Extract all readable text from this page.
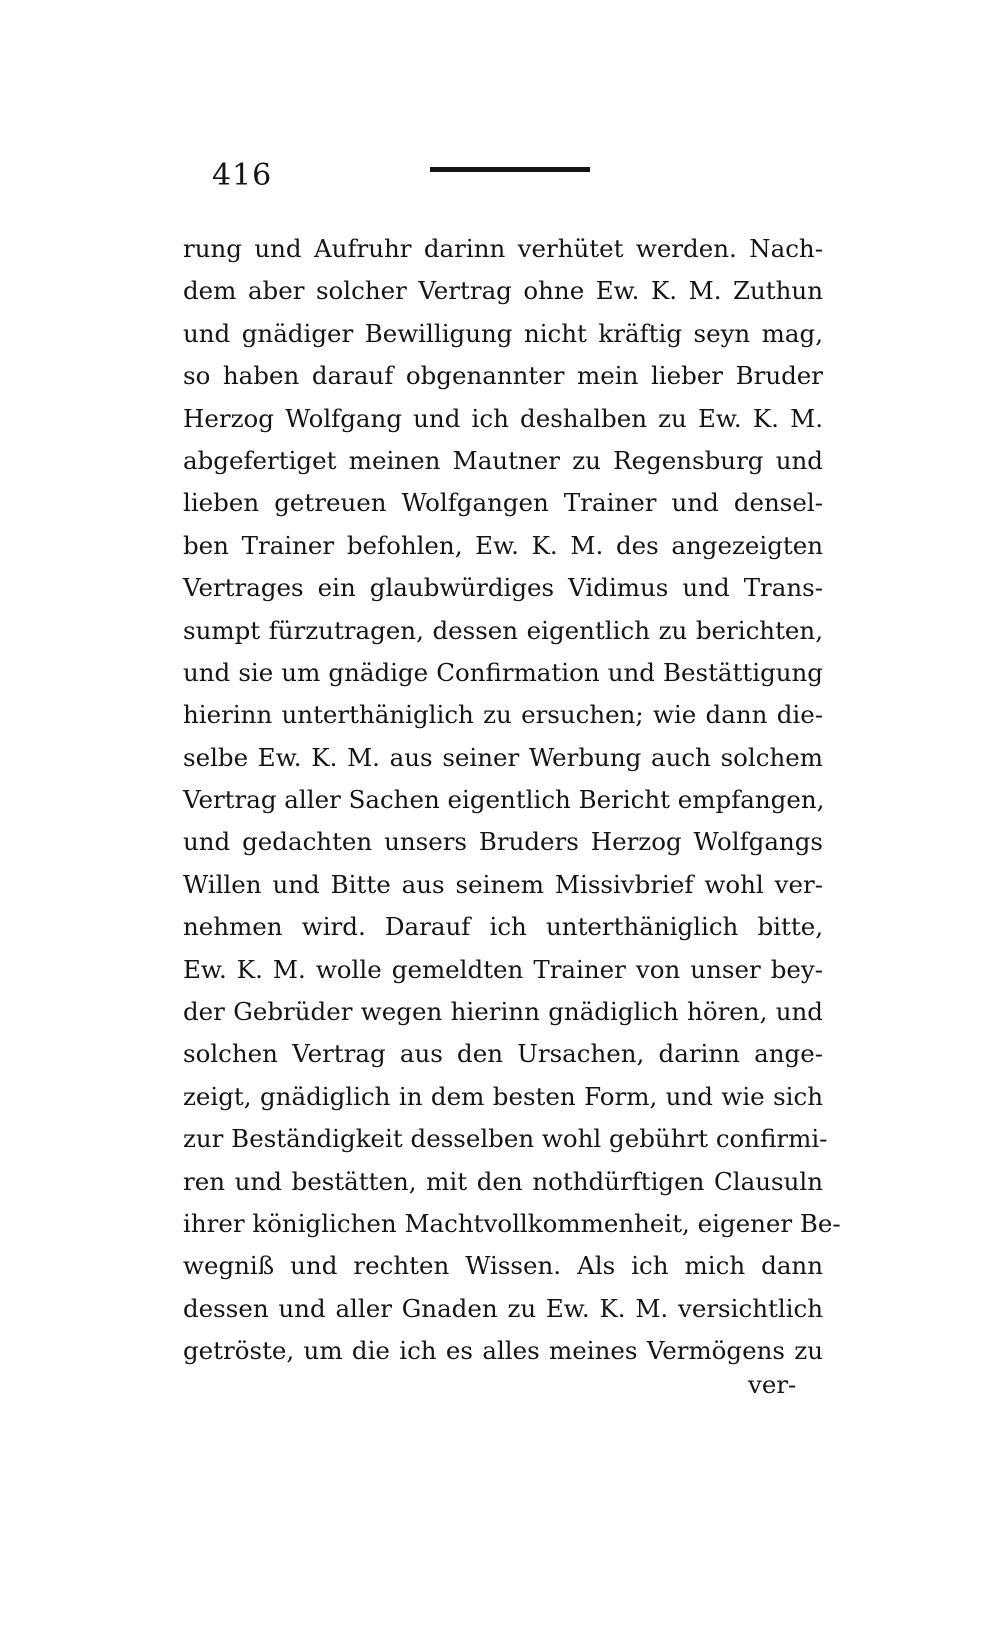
416
rung und Aufruhr darinn verhütet werden. Nach-
dem aber solcher Vertrag ohne Ew. K. M. Zuthun
und gnädiger Bewilligung nicht kräftig seyn mag,
so haben darauf obgenannter mein lieber Bruder
Herzog Wolfgang und ich deshalben zu Ew. K. M.
abgefertiget meinen Mautner zu Regensburg und
lieben getreuen Wolfgangen Trainer und densel-
ben Trainer befohlen, Ew. K. M. des angezeigten
Vertrages ein glaubwürdiges Vidimus und Trans-
sumpt fürzutragen, dessen eigentlich zu berichten,
und sie um gnädige Confirmation und Bestättigung
hierinn unterthäniglich zu ersuchen; wie dann die-
selbe Ew. K. M. aus seiner Werbung auch solchem
Vertrag aller Sachen eigentlich Bericht empfangen,
und gedachten unsers Bruders Herzog Wolfgangs
Willen und Bitte aus seinem Missivbrief wohl ver-
nehmen wird. Darauf ich unterthäniglich bitte,
Ew. K. M. wolle gemeldten Trainer von unser bey-
der Gebrüder wegen hierinn gnädiglich hören, und
solchen Vertrag aus den Ursachen, darinn ange-
zeigt, gnädiglich in dem besten Form, und wie sich
zur Beständigkeit desselben wohl gebührt confirmi-
ren und bestätten, mit den nothdürftigen Clausuln
ihrer königlichen Machtvollkommenheit, eigener Be-
wegniß und rechten Wissen. Als ich mich dann
dessen und aller Gnaden zu Ew. K. M. versichtlich
getröste, um die ich es alles meines Vermögens zu
ver-
